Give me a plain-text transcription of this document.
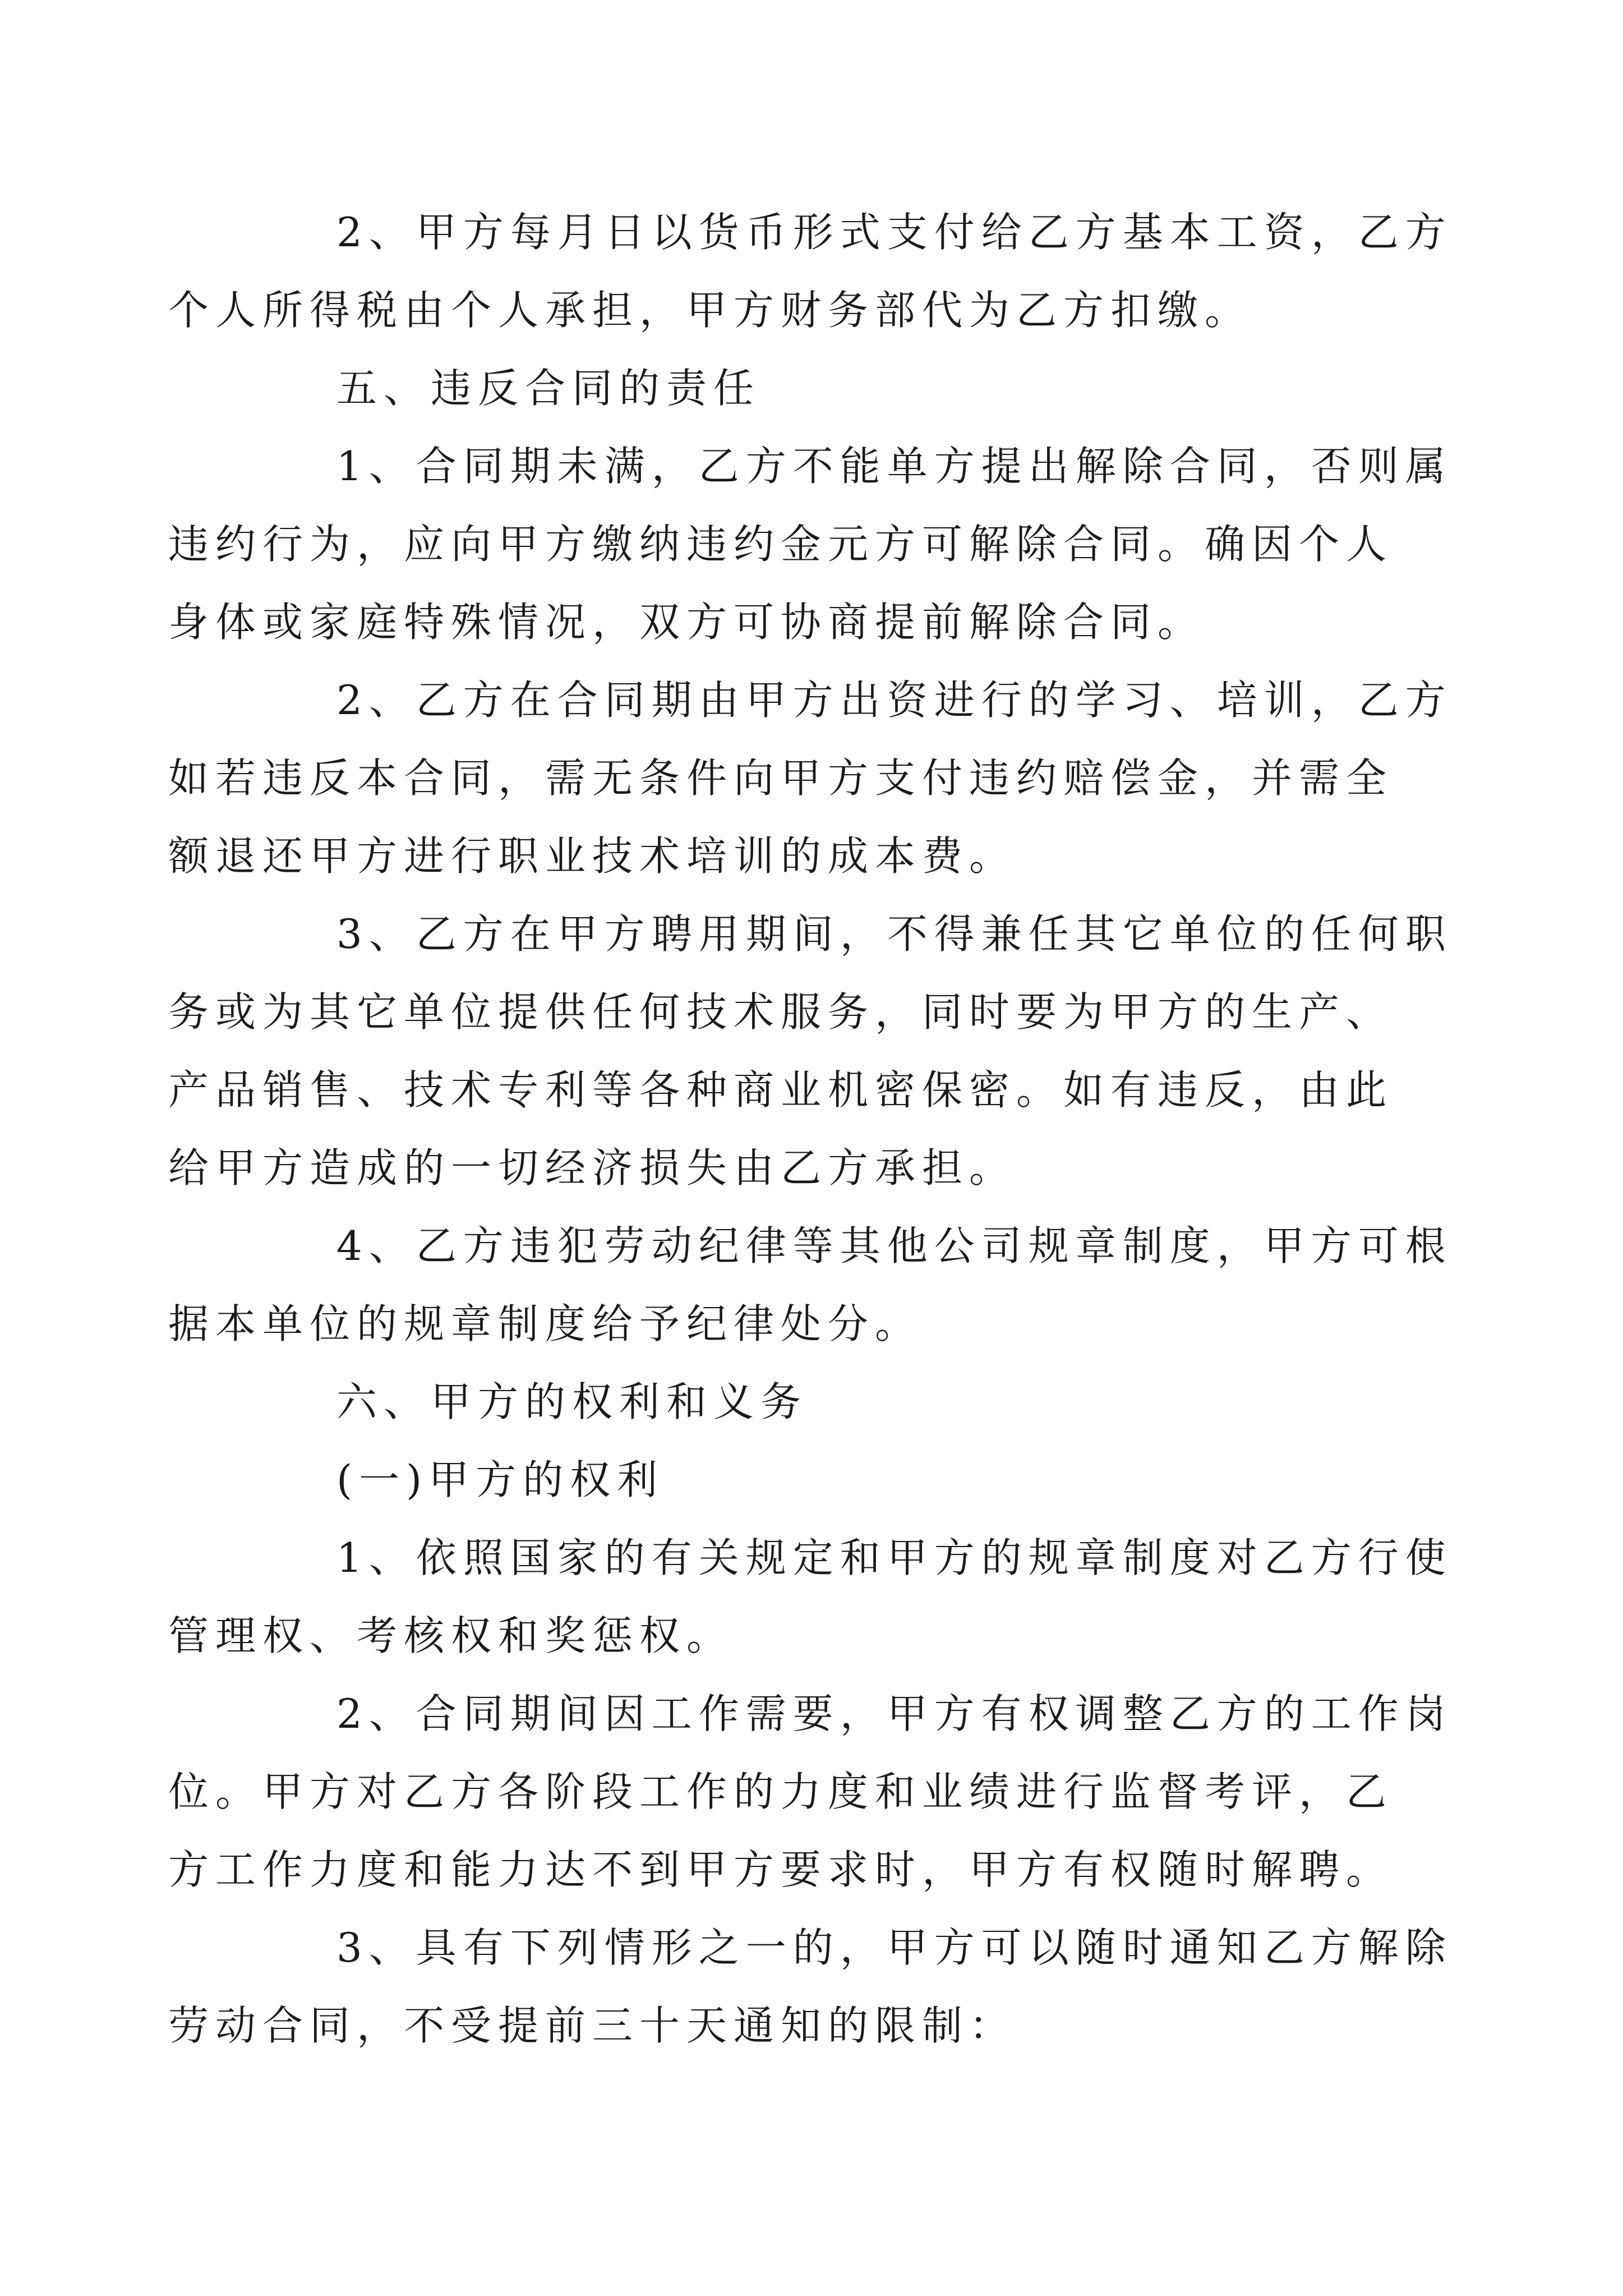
2、甲方每月日以货币形式支付给乙方基本工资，乙方
个人所得税由个人承担，甲方财务部代为乙方扣缴。

五、违反合同的责任

1、合同期未满，乙方不能单方提出解除合同，否则属
违约行为，应向甲方缴纳违约金元方可解除合同。确因个人
身体或家庭特殊情况，双方可协商提前解除合同。

2、乙方在合同期由甲方出资进行的学习、培训，乙方
如若违反本合同，需无条件向甲方支付违约赔偿金，并需全
额退还甲方进行职业技术培训的成本费。

3、乙方在甲方聘用期间，不得兼任其它单位的任何职
务或为其它单位提供任何技术服务，同时要为甲方的生产、
产品销售、技术专利等各种商业机密保密。如有违反，由此
给甲方造成的一切经济损失由乙方承担。

4、乙方违犯劳动纪律等其他公司规章制度，甲方可根
据本单位的规章制度给予纪律处分。

六、甲方的权利和义务

(一)甲方的权利

1、依照国家的有关规定和甲方的规章制度对乙方行使
管理权、考核权和奖惩权。

2、合同期间因工作需要，甲方有权调整乙方的工作岗
位。甲方对乙方各阶段工作的力度和业绩进行监督考评，乙
方工作力度和能力达不到甲方要求时，甲方有权随时解聘。

3、具有下列情形之一的，甲方可以随时通知乙方解除
劳动合同，不受提前三十天通知的限制：
